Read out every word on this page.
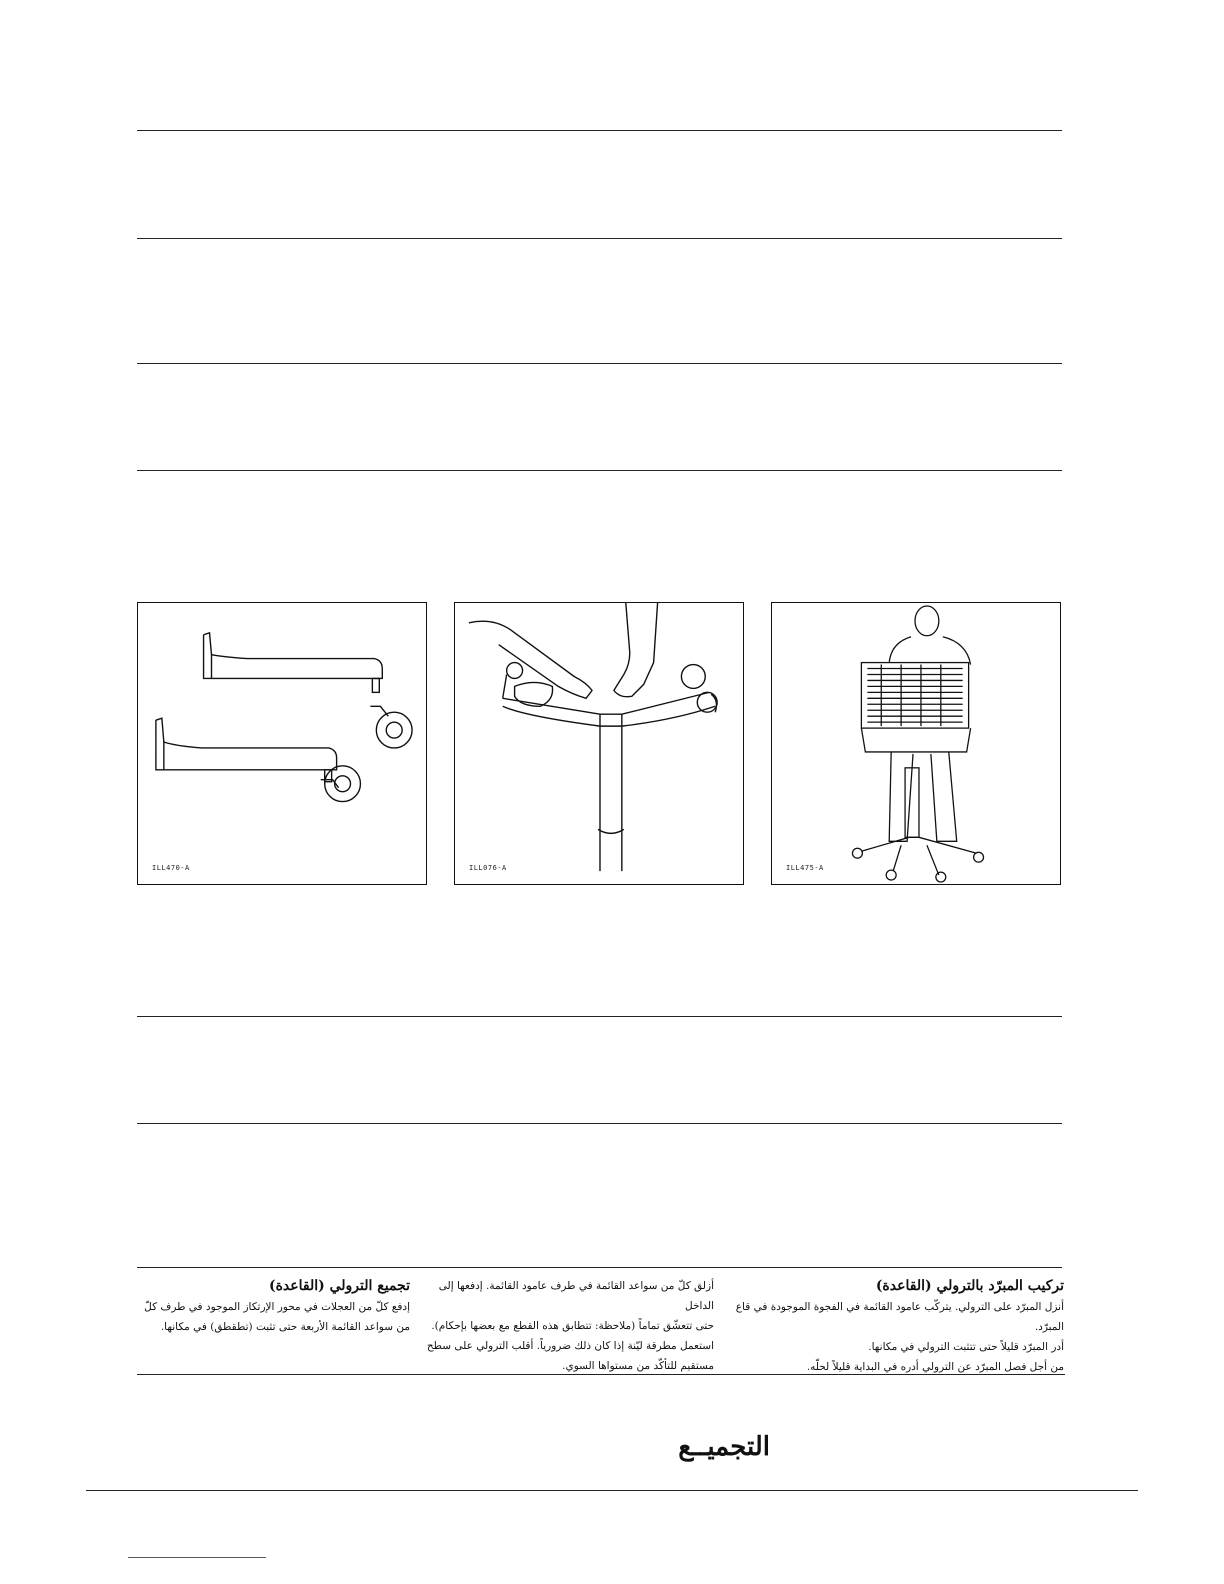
ILL470-A	ILL076-A	ILL475-A
تجميع الترولي (القاعدة)

إدفع كلّ من العجلات في محور الإرتكاز الموجود في طرف كلّ

من سواعد القائمة الأربعة حتى تثبت (تطقطق) في مكانها.

أزلق كلّ من سواعد القائمة في طرف عامود القائمة. إدفعها إلى الداخل

حتى تتعشّق تماماً (ملاحظة: تتطابق هذه القطع مع بعضها بإحكام).

استعمل مطرقة ليّنة إذا كان ذلك ضرورياً. أقلب الترولي على سطح

مستقيم للتأكّد من مستواها السوي.

تركيب المبرّد بالترولي (القاعدة)

أنزل المبرّد على الترولي. يتركّب عامود القائمة في الفجوة الموجودة في قاع المبرّد.

أدر المبرّد قليلاً حتى تتثبت الترولي في مكانها.

من أجل فصل المبرّد عن الترولي أدره في البداية قليلاً لحلّه.

التجميــع
